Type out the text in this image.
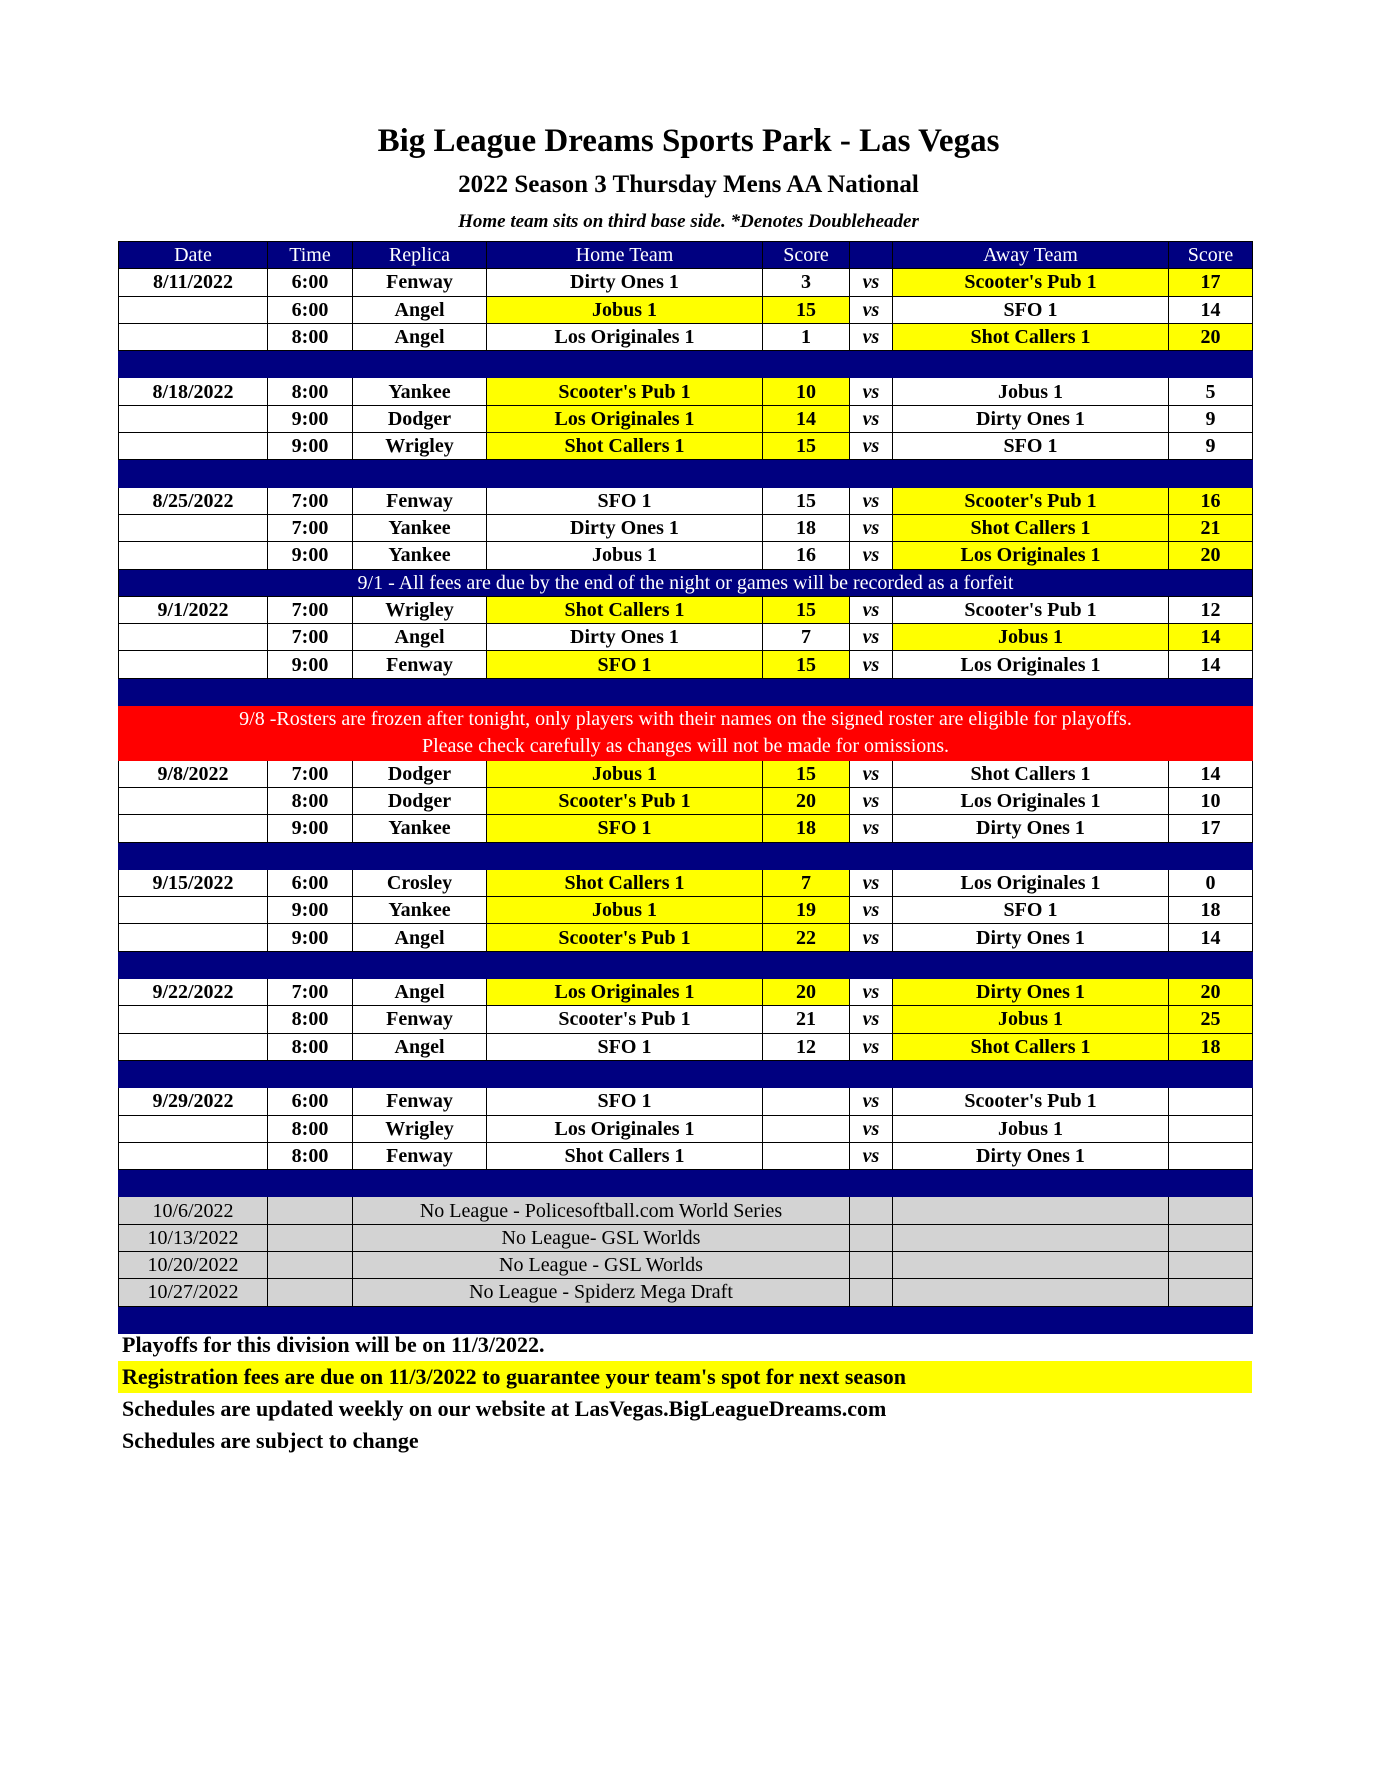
Big League Dreams Sports Park - Las Vegas
2022 Season 3 Thursday Mens AA National
Home team sits on third base side. *Denotes Doubleheader
Date	Time	Replica	Home Team	Score		Away Team	Score
8/11/2022	6:00	Fenway	Dirty Ones 1	3	vs	Scooter's Pub 1	17
	6:00	Angel	Jobus 1	15	vs	SFO 1	14
	8:00	Angel	Los Originales 1	1	vs	Shot Callers 1	20

8/18/2022	8:00	Yankee	Scooter's Pub 1	10	vs	Jobus 1	5
	9:00	Dodger	Los Originales 1	14	vs	Dirty Ones 1	9
	9:00	Wrigley	Shot Callers 1	15	vs	SFO 1	9

8/25/2022	7:00	Fenway	SFO 1	15	vs	Scooter's Pub 1	16
	7:00	Yankee	Dirty Ones 1	18	vs	Shot Callers 1	21
	9:00	Yankee	Jobus 1	16	vs	Los Originales 1	20
9/1 - All fees are due by the end of the night or games will be recorded as a forfeit							
9/1/2022	7:00	Wrigley	Shot Callers 1	15	vs	Scooter's Pub 1	12
	7:00	Angel	Dirty Ones 1	7	vs	Jobus 1	14
	9:00	Fenway	SFO 1	15	vs	Los Originales 1	14

9/8 -Rosters are frozen after tonight, only players with their names on the signed roster are eligible for playoffs.							
Please check carefully as changes will not be made for omissions.							
9/8/2022	7:00	Dodger	Jobus 1	15	vs	Shot Callers 1	14
	8:00	Dodger	Scooter's Pub 1	20	vs	Los Originales 1	10
	9:00	Yankee	SFO 1	18	vs	Dirty Ones 1	17

9/15/2022	6:00	Crosley	Shot Callers 1	7	vs	Los Originales 1	0
	9:00	Yankee	Jobus 1	19	vs	SFO 1	18
	9:00	Angel	Scooter's Pub 1	22	vs	Dirty Ones 1	14

9/22/2022	7:00	Angel	Los Originales 1	20	vs	Dirty Ones 1	20
	8:00	Fenway	Scooter's Pub 1	21	vs	Jobus 1	25
	8:00	Angel	SFO 1	12	vs	Shot Callers 1	18

9/29/2022	6:00	Fenway	SFO 1		vs	Scooter's Pub 1	
	8:00	Wrigley	Los Originales 1		vs	Jobus 1	
	8:00	Fenway	Shot Callers 1		vs	Dirty Ones 1	

10/6/2022		No League - Policesoftball.com World Series					
10/13/2022		No League- GSL Worlds					
10/20/2022		No League - GSL Worlds					
10/27/2022		No League - Spiderz Mega Draft					

Playoffs for this division will be on 11/3/2022.
Registration fees are due on 11/3/2022 to guarantee your team's spot for next season
Schedules are updated weekly on our website at LasVegas.BigLeagueDreams.com
Schedules are subject to change
